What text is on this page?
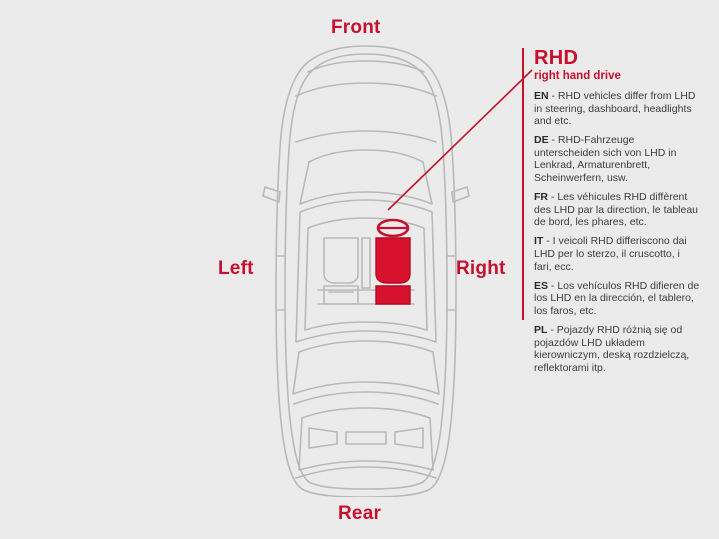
Front
Rear
Left	Right
RHD
right hand drive
EN - RHD vehicles differ from LHD in steering, dashboard, headlights and etc.
DE - RHD-Fahrzeuge unterscheiden sich von LHD in Lenkrad, Armaturenbrett, Scheinwerfern, usw.
FR - Les véhicules RHD diffèrent des LHD par la direction, le tableau de bord, les phares, etc.
IT - I veicoli RHD differiscono dai LHD per lo sterzo, il cruscotto, i fari, ecc.
ES - Los vehículos RHD difieren de los LHD en la dirección, el tablero, los faros, etc.
PL - Pojazdy RHD różnią się od pojazdów LHD układem kierowniczym, deską rozdzielczą, reflektorami itp.
